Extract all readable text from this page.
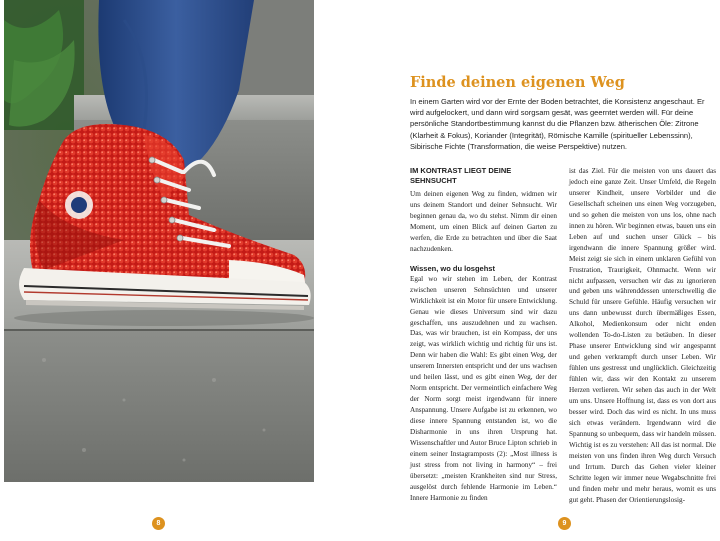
8
Finde deinen eigenen Weg

In einem Garten wird vor der Ernte der Boden betrachtet, die Konsistenz angeschaut. Er wird aufgelockert, und dann wird sorgsam gesät, was geerntet werden will. Für deine persönliche Standortbestimmung kannst du die Pflanzen bzw. ätherischen Öle: Zitrone (Klarheit & Fokus), Koriander (Integrität), Römische Kamille (spiritueller Lebenssinn), Sibirische Fichte (Transformation, die weise Perspektive) nutzen.

IM KONTRAST LIEGT DEINE SEHNSUCHT

Um deinen eigenen Weg zu finden, widmen wir uns deinem Standort und deiner Sehnsucht. Wir beginnen genau da, wo du stehst. Nimm dir einen Moment, um einen Blick auf deinen Garten zu werfen, die Erde zu betrachten und über die Saat nachzudenken.

Wissen, wo du losgehst

Egal wo wir stehen im Leben, der Kontrast zwischen unseren Sehnsüchten und unserer Wirklichkeit ist ein Motor für unsere Entwicklung. Genau wie dieses Universum sind wir dazu geschaffen, uns auszudehnen und zu wachsen. Das, was wir brauchen, ist ein Kompass, der uns zeigt, was wirklich wichtig und richtig für uns ist. Denn wir haben die Wahl: Es gibt einen Weg, der unserem Innersten entspricht und der uns wachsen und heilen lässt, und es gibt einen Weg, der der Norm entspricht. Der vermeintlich einfachere Weg der Norm sorgt meist irgendwann für innere Anspannung. Unsere Aufgabe ist zu erkennen, wo diese innere Spannung entstanden ist, wo die Disharmonie in uns ihren Ursprung hat. Wissenschaftler und Autor Bruce Lipton schrieb in einem seiner Instagramposts (2): „Most illness is just stress from not living in harmony“ – frei übersetzt: „meisten Krankheiten sind nur Stress, ausgelöst durch fehlende Harmonie im Leben.“ Innere Harmonie zu finden

ist das Ziel. Für die meisten von uns dauert das jedoch eine ganze Zeit. Unser Umfeld, die Regeln unserer Kindheit, unsere Vorbilder und die Gesellschaft scheinen uns einen Weg vorzugeben, und so gehen die meisten von uns los, ohne nach innen zu hören. Wir beginnen etwas, bauen uns ein Leben auf und suchen unser Glück – bis irgendwann die innere Spannung größer wird. Meist zeigt sie sich in einem unklaren Gefühl von Frustration, Traurigkeit, Ohnmacht. Wenn wir nicht aufpassen, versuchen wir das zu ignorieren und geben uns währenddessen unterschwellig die Schuld für unsere Gefühle. Häufig versuchen wir uns dann unbewusst durch übermäßiges Essen, Alkohol, Medienkonsum oder nicht enden wollenden To-do-Listen zu betäuben. In dieser Phase unserer Entwicklung sind wir angespannt und gehen verkrampft durch unser Leben. Wir fühlen uns gestresst und unglücklich. Gleichzeitig fühlen wir, dass wir den Kontakt zu unserem Herzen verlieren. Wir sehen das auch in der Welt um uns. Unsere Hoffnung ist, dass es von dort aus besser wird. Doch das wird es nicht. In uns muss sich etwas verändern. Irgendwann wird die Spannung so unbequem, dass wir handeln müssen. Wichtig ist es zu verstehen: All das ist normal. Die meisten von uns finden ihren Weg durch Versuch und Irrtum. Durch das Gehen vieler kleiner Schritte legen wir immer neue Wegabschnitte frei und finden mehr und mehr heraus, womit es uns gut geht. Phasen der Orientierungslosig-

9
